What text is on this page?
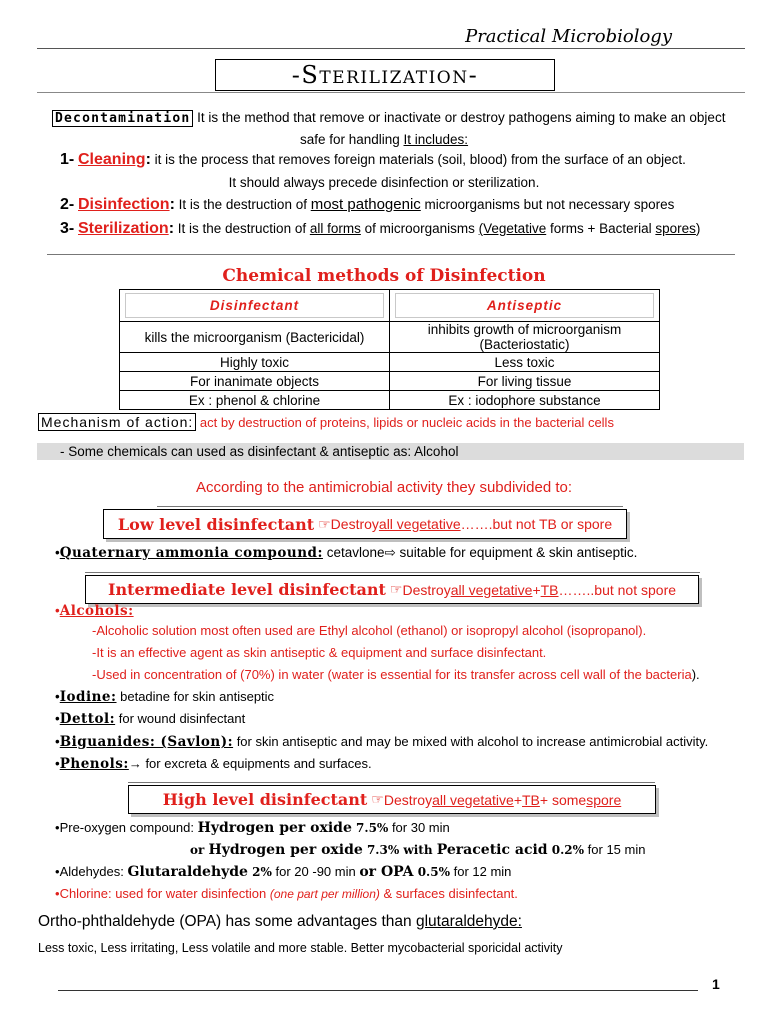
Practical Microbiology
-Sterilization-
Decontamination It is the method that remove or inactivate or destroy pathogens aiming to make an object
safe for handling It includes:
1- Cleaning: it is the process that removes foreign materials (soil, blood) from the surface of an object.
It should always precede disinfection or sterilization.
2- Disinfection: It is the destruction of most pathogenic microorganisms but not necessary spores
3- Sterilization: It is the destruction of all forms of microorganisms (Vegetative forms + Bacterial spores)
Chemical methods of Disinfection
Disinfectant	Antiseptic

kills the microorganism (Bactericidal)	inhibits growth of microorganism (Bacteriostatic)
Highly toxic	Less toxic
For inanimate objects	For living tissue
Ex : phenol & chlorine	Ex : iodophore substance
Mechanism of action: act by destruction of proteins, lipids or nucleic acids in the bacterial cells
- Some chemicals can used as disinfectant & antiseptic as: Alcohol
According to the antimicrobial activity they subdivided to:
Low level disinfectant ☞ Destroy all vegetative …….but not TB or spore
•Quaternary ammonia compound: cetavlone⇨ suitable for equipment & skin antiseptic.
Intermediate level disinfectant ☞ Destroy all vegetative + TB ……..but not spore
•Alcohols:
-Alcoholic solution most often used are Ethyl alcohol (ethanol) or isopropyl alcohol (isopropanol).
-It is an effective agent as skin antiseptic & equipment and surface disinfectant.
-Used in concentration of (70%) in water (water is essential for its transfer across cell wall of the bacteria).
•Iodine: betadine for skin antiseptic
•Dettol: for wound disinfectant
•Biguanides: (Savlon): for skin antiseptic and may be mixed with alcohol to increase antimicrobial activity.
•Phenols:→ for excreta & equipments and surfaces.
High level disinfectant ☞ Destroy all vegetative + TB + some spore
•Pre-oxygen compound: Hydrogen per oxide 7.5% for 30 min
or Hydrogen per oxide 7.3% with Peracetic acid 0.2% for 15 min
•Aldehydes: Glutaraldehyde 2% for 20 -90 min or OPA 0.5% for 12 min
•Chlorine: used for water disinfection (one part per million) & surfaces disinfectant.
Ortho-phthaldehyde (OPA) has some advantages than glutaraldehyde:
Less toxic, Less irritating, Less volatile and more stable. Better mycobacterial sporicidal activity
1
